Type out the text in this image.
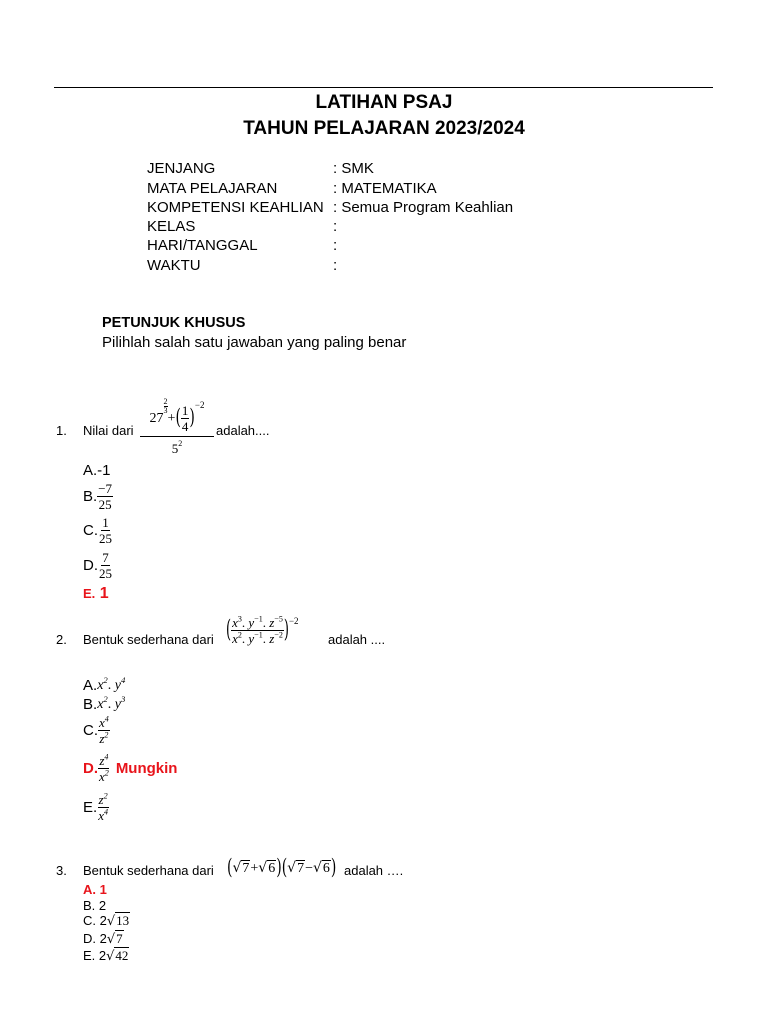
LATIHAN PSAJ
TAHUN PELAJARAN 2023/2024
JENJANG	: SMK
MATA PELAJARAN	: MATEMATIKA
KOMPETENSI KEAHLIAN : Semua Program Keahlian
KELAS	:
HARI/TANGGAL	:
WAKTU	:
PETUNJUK KHUSUS
Pilihlah salah satu jawaban yang paling benar
1. Nilai dari
27
$\frac{2}{3}$
+( $\frac{1}{4} )^{-2}$
$5^2$
adalah....
A.-1
B. $\frac{-7}{25}$
C. $\frac{1}{25}$
D. $\frac{7}{25}$
E. 1
2. Bentuk sederhana dari ( $\frac{x^3. y^{-1}. z^{-5}}{x^2. y^{-1}. z^{-2}}$ ) −2
adalah ....
A. $x^2$. $y^4$
B. $x^2$. $y^3$
C. $\frac{x^4}{z^2}$
D. $\frac{z^4}{x^2}$ Mungkin
E. $\frac{z^2}{x^4}$
3. Bentuk sederhana dari (√7+√6)(√7−√6) adalah ….
A. 1
B. 2
C. 2√13
D. 2√7
E. 2√42
